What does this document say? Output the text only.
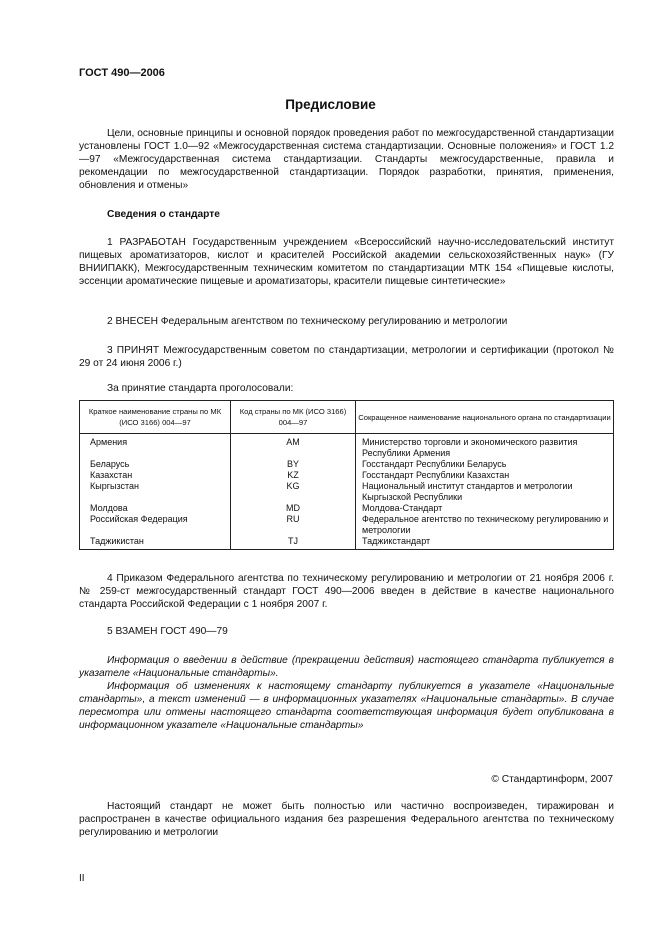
ГОСТ 490—2006
Предисловие
Цели, основные принципы и основной порядок проведения работ по межгосударственной стандартизации установлены ГОСТ 1.0—92 «Межгосударственная система стандартизации. Основные положения» и ГОСТ 1.2—97 «Межгосударственная система стандартизации. Стандарты межгосударственные, правила и рекомендации по межгосударственной стандартизации. Порядок разработки, принятия, применения, обновления и отмены»
Сведения о стандарте
1 РАЗРАБОТАН Государственным учреждением «Всероссийский научно-исследовательский институт пищевых ароматизаторов, кислот и красителей Российской академии сельскохозяйственных наук» (ГУ ВНИИПАКК), Межгосударственным техническим комитетом по стандартизации МТК 154 «Пищевые кислоты, эссенции ароматические пищевые и ароматизаторы, красители пищевые синтетические»
2 ВНЕСЕН Федеральным агентством по техническому регулированию и метрологии
3 ПРИНЯТ Межгосударственным советом по стандартизации, метрологии и сертификации (протокол № 29 от 24 июня 2006 г.)
За принятие стандарта проголосовали:
Краткое наименование страны по МК (ИСО 3166) 004—97	Код страны по МК (ИСО 3166) 004—97	Сокращенное наименование национального органа по стандартизации
Армения	AM	Министерство торговли и экономического развития Республики Армения
Беларусь	BY	Госстандарт Республики Беларусь
Казахстан	KZ	Госстандарт Республики Казахстан
Кыргызстан	KG	Национальный институт стандартов и метрологии Кыргызской Республики
Молдова	MD	Молдова-Стандарт
Российская Федерация	RU	Федеральное агентство по техническому регулированию и метрологии
Таджикистан	TJ	Таджикстандарт
4 Приказом Федерального агентства по техническому регулированию и метрологии от 21 ноября 2006 г. № 259-ст межгосударственный стандарт ГОСТ 490—2006 введен в действие в качестве национального стандарта Российской Федерации с 1 ноября 2007 г.
5 ВЗАМЕН ГОСТ 490—79

Информация о введении в действие (прекращении действия) настоящего стандарта публикуется в указателе «Национальные стандарты».

Информация об изменениях к настоящему стандарту публикуется в указателе «Национальные стандарты», а текст изменений — в информационных указателях «Национальные стандарты». В случае пересмотра или отмены настоящего стандарта соответствующая информация будет опубликована в информационном указателе «Национальные стандарты»

© Стандартинформ, 2007
Настоящий стандарт не может быть полностью или частично воспроизведен, тиражирован и распространен в качестве официального издания без разрешения Федерального агентства по техническому регулированию и метрологии
II
